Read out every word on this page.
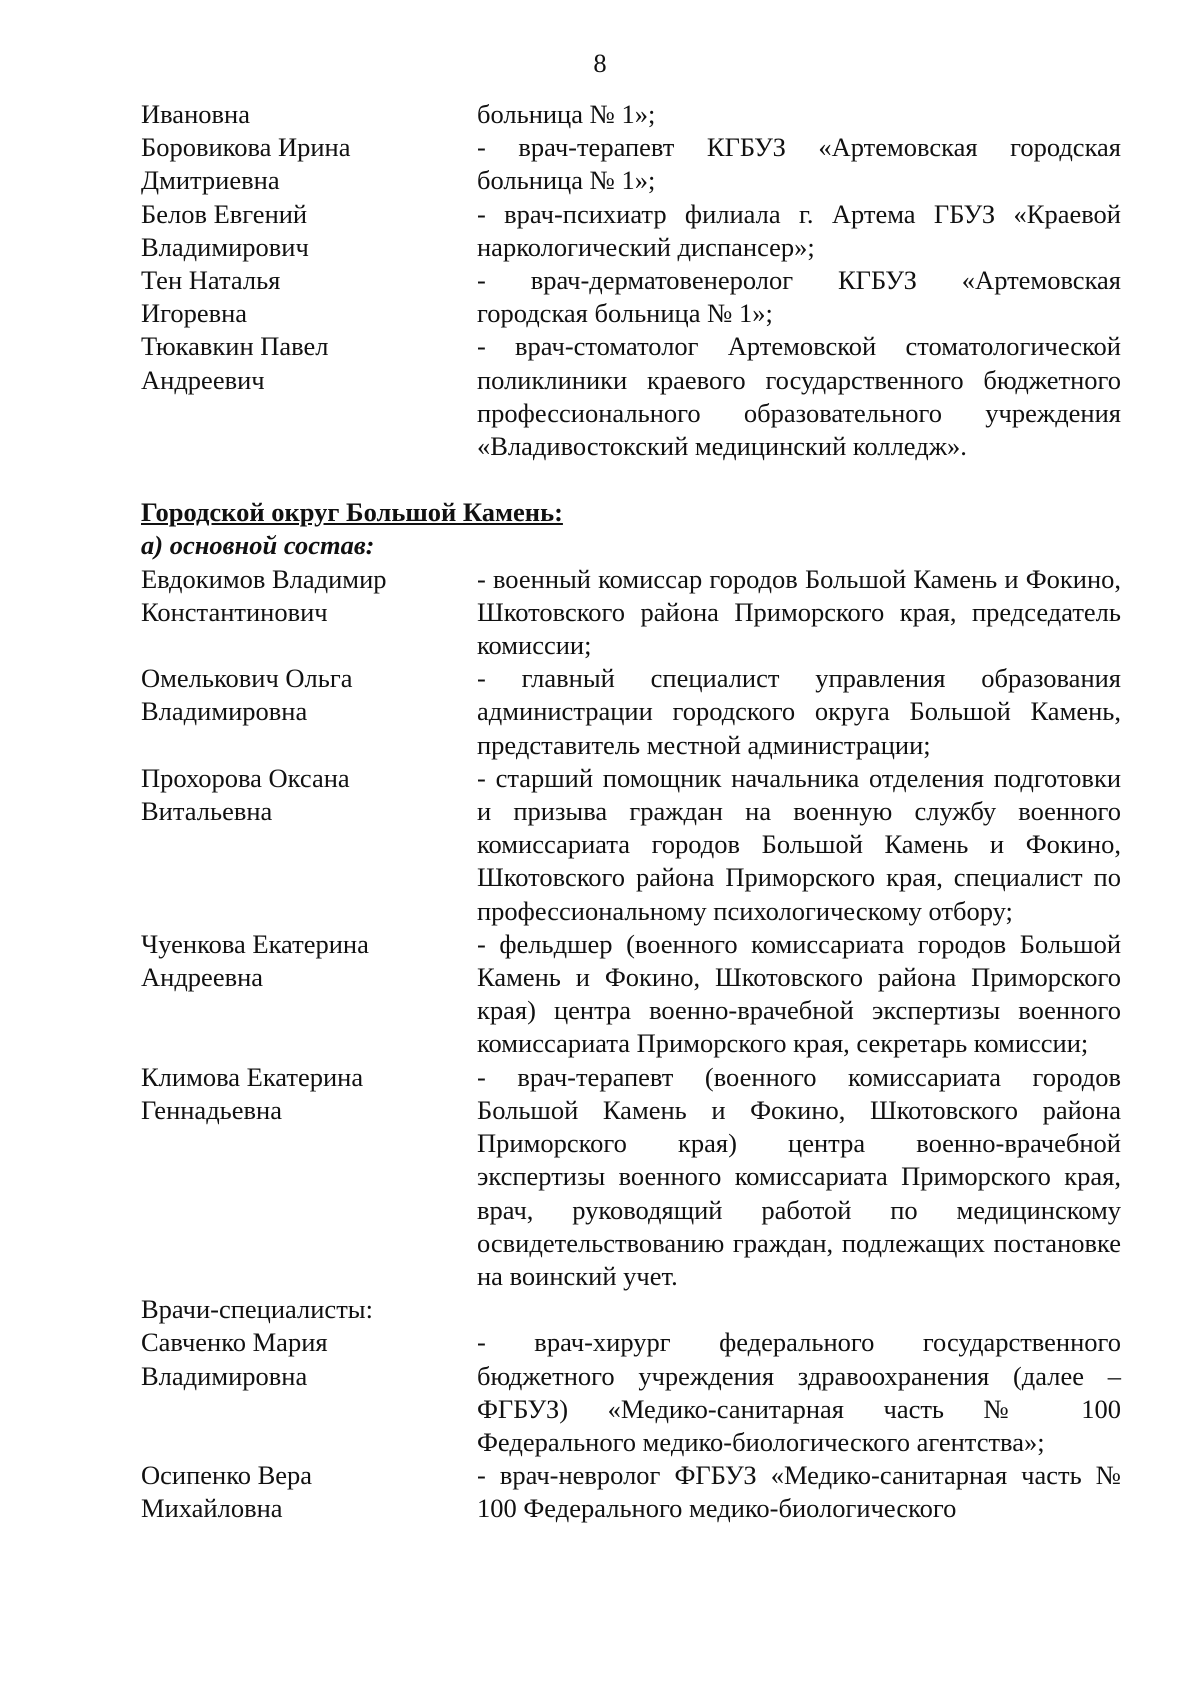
8
Ивановна	больница № 1»;
Боровикова Ирина
Дмитриевна
- врач-терапевт КГБУЗ «Артемовская городская больница № 1»;
Белов Евгений
Владимирович
- врач-психиатр филиала г. Артема ГБУЗ «Краевой наркологический диспансер»;
Тен Наталья
Игоревна
- врач-дерматовенеролог КГБУЗ «Артемовская городская больница № 1»;
Тюкавкин Павел
Андреевич
- врач-стоматолог Артемовской стоматологической поликлиники краевого государственного бюджетного профессионального образовательного учреждения «Владивостокский медицинский колледж».
Городской округ Большой Камень:
а) основной состав:
Евдокимов Владимир
Константинович
- военный комиссар городов Большой Камень и Фокино, Шкотовского района Приморского края, председатель комиссии;
Омелькович Ольга
Владимировна
- главный специалист управления образования администрации городского округа Большой Камень, представитель местной администрации;
Прохорова Оксана
Витальевна
- старший помощник начальника отделения подготовки и призыва граждан на военную службу военного комиссариата городов Большой Камень и Фокино, Шкотовского района Приморского края, специалист по профессиональному психологическому отбору;
Чуенкова Екатерина
Андреевна
- фельдшер (военного комиссариата городов Большой Камень и Фокино, Шкотовского района Приморского края) центра военно-врачебной экспертизы военного комиссариата Приморского края, секретарь комиссии;
Климова Екатерина
Геннадьевна
- врач-терапевт (военного комиссариата городов Большой Камень и Фокино, Шкотовского района Приморского края) центра военно-врачебной экспертизы военного комиссариата Приморского края, врач, руководящий работой по медицинскому освидетельствованию граждан, подлежащих постановке на воинский учет.
Врачи-специалисты:
Савченко Мария
Владимировна
- врач-хирург федерального государственного бюджетного учреждения здравоохранения (далее – ФГБУЗ) «Медико-санитарная часть № 100 Федерального медико-биологического агентства»;
Осипенко Вера
Михайловна
- врач-невролог ФГБУЗ «Медико-санитарная часть № 100 Федерального медико-биологического
